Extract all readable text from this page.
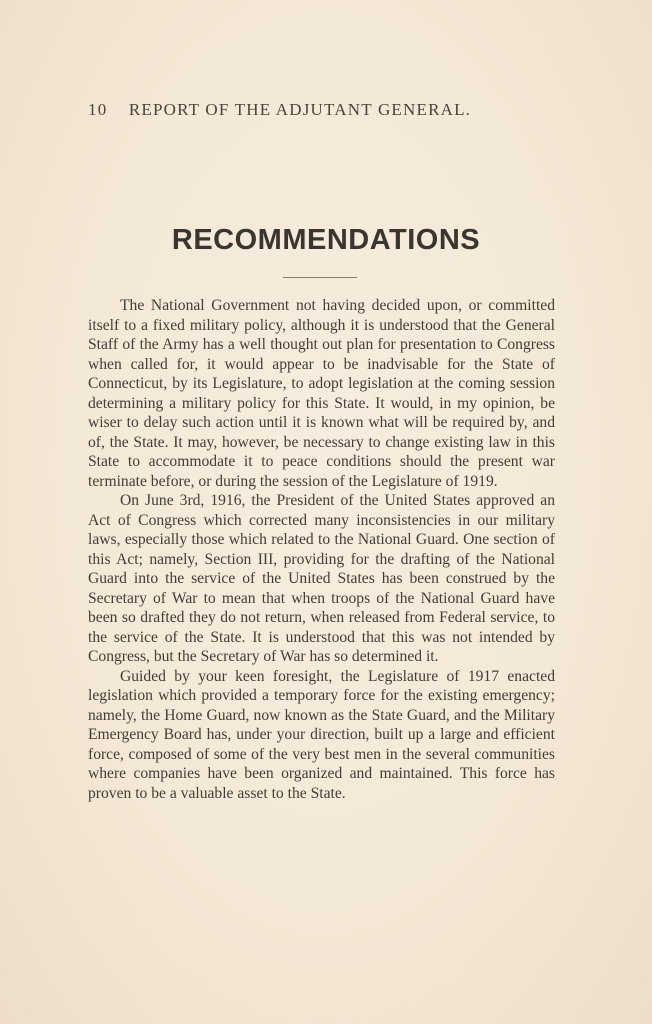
10 REPORT OF THE ADJUTANT GENERAL.
RECOMMENDATIONS

The National Government not having decided upon, or committed itself to a fixed military policy, although it is understood that the General Staff of the Army has a well thought out plan for presentation to Congress when called for, it would appear to be inadvisable for the State of Connecticut, by its Legislature, to adopt legislation at the coming session determining a military policy for this State. It would, in my opinion, be wiser to delay such action until it is known what will be required by, and of, the State. It may, however, be necessary to change existing law in this State to accommodate it to peace conditions should the present war terminate before, or during the session of the Legislature of 1919.

On June 3rd, 1916, the President of the United States approved an Act of Congress which corrected many inconsistencies in our military laws, especially those which related to the National Guard. One section of this Act; namely, Section III, providing for the drafting of the National Guard into the service of the United States has been construed by the Secretary of War to mean that when troops of the National Guard have been so drafted they do not return, when released from Federal service, to the service of the State. It is understood that this was not intended by Congress, but the Secretary of War has so determined it.

Guided by your keen foresight, the Legislature of 1917 enacted legislation which provided a temporary force for the existing emergency; namely, the Home Guard, now known as the State Guard, and the Military Emergency Board has, under your direction, built up a large and efficient force, composed of some of the very best men in the several communities where companies have been organized and maintained. This force has proven to be a valuable asset to the State.
